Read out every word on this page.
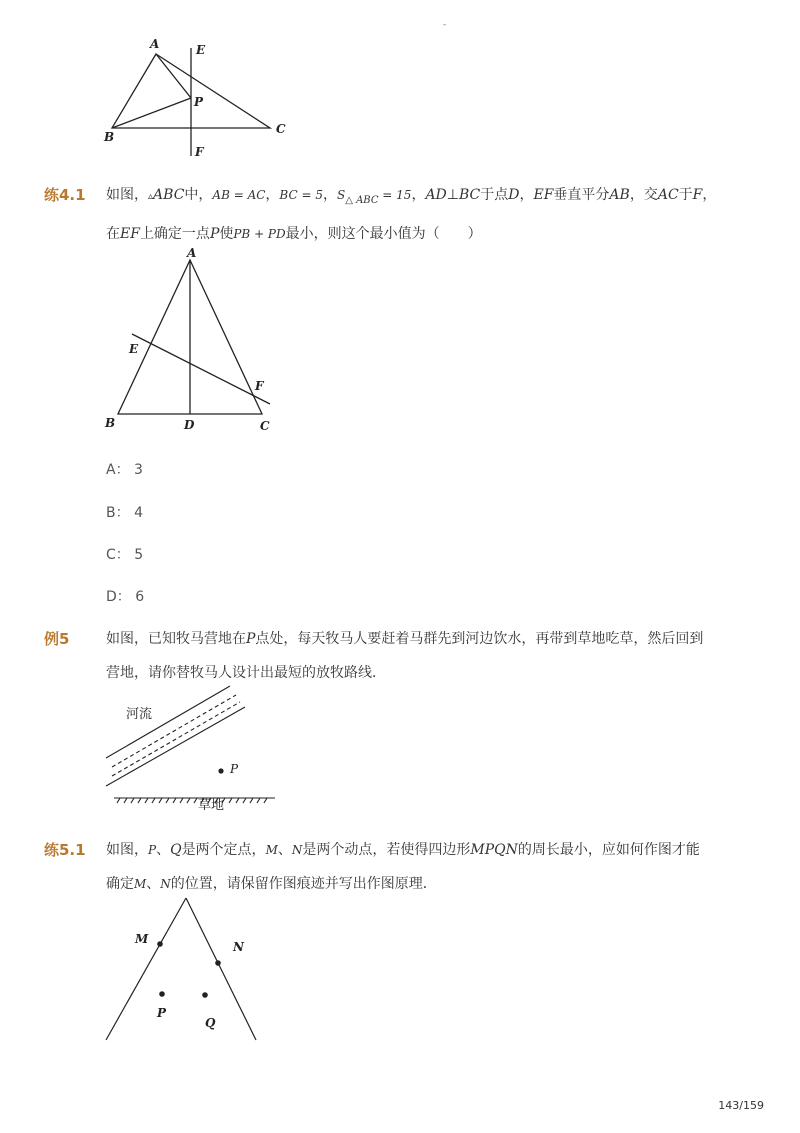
-
A	E
P
B
C
F
练4.1 如图，▵ABC中，AB = AC，BC = 5，$S_{\triangle ABC} = 15$，AD⊥BC于点D，EF垂直平分AB，交AC于F，
在EF上确定一点P使PB + PD最小，则这个最小值为（　　）
A
E
F
B	D	C
A： 3
B： 4
C： 5
D： 6
例5	如图，已知牧马营地在P点处，每天牧马人要赶着马群先到河边饮水，再带到草地吃草，然后回到
营地，请你替牧马人设计出最短的放牧路线．
P
河流
草地
练5.1 如图，P、Q是两个定点，M、N是两个动点，若使得四边形MPQN的周长最小，应如何作图才能
确定M、N的位置，请保留作图痕迹并写出作图原理．
M
N
P
Q
143/159
